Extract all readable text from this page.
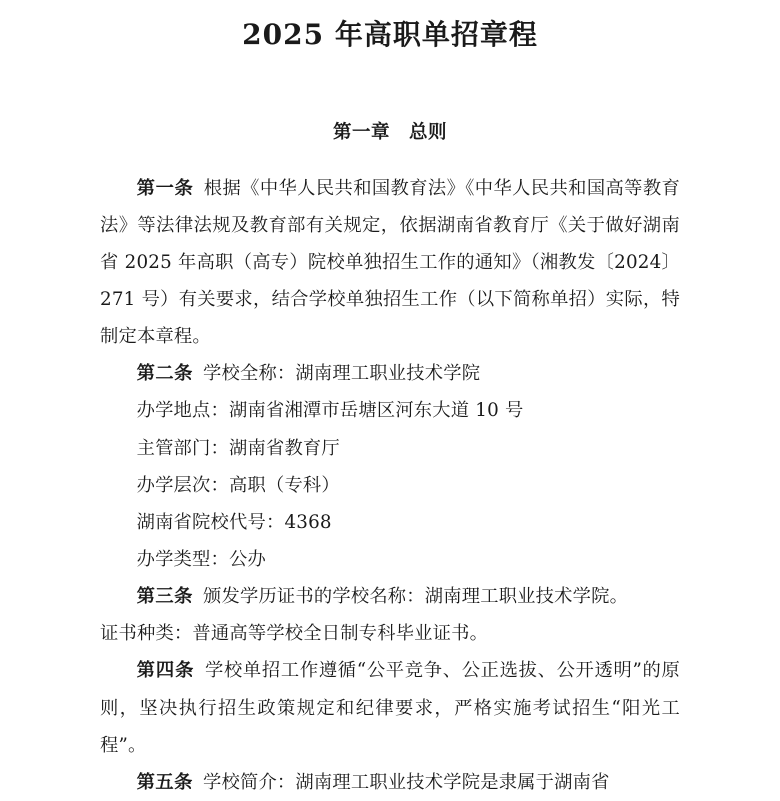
2025 年高职单招章程
第一章　总则

第一条 根据《中华人民共和国教育法》《中华人民共和国高等教育法》等法律法规及教育部有关规定，依据湖南省教育厅《关于做好湖南省 2025 年高职（高专）院校单独招生工作的通知》（湘教发〔2024〕271 号）有关要求，结合学校单独招生工作（以下简称单招）实际，特制定本章程。

第二条 学校全称：湖南理工职业技术学院

办学地点：湖南省湘潭市岳塘区河东大道 10 号

主管部门：湖南省教育厅

办学层次：高职（专科）

湖南省院校代号：4368

办学类型：公办

第三条 颁发学历证书的学校名称：湖南理工职业技术学院。

证书种类：普通高等学校全日制专科毕业证书。

第四条 学校单招工作遵循“公平竞争、公正选拔、公开透明”的原则，坚决执行招生政策规定和纪律要求，严格实施考试招生“阳光工程”。

第五条 学校简介：湖南理工职业技术学院是隶属于湖南省
